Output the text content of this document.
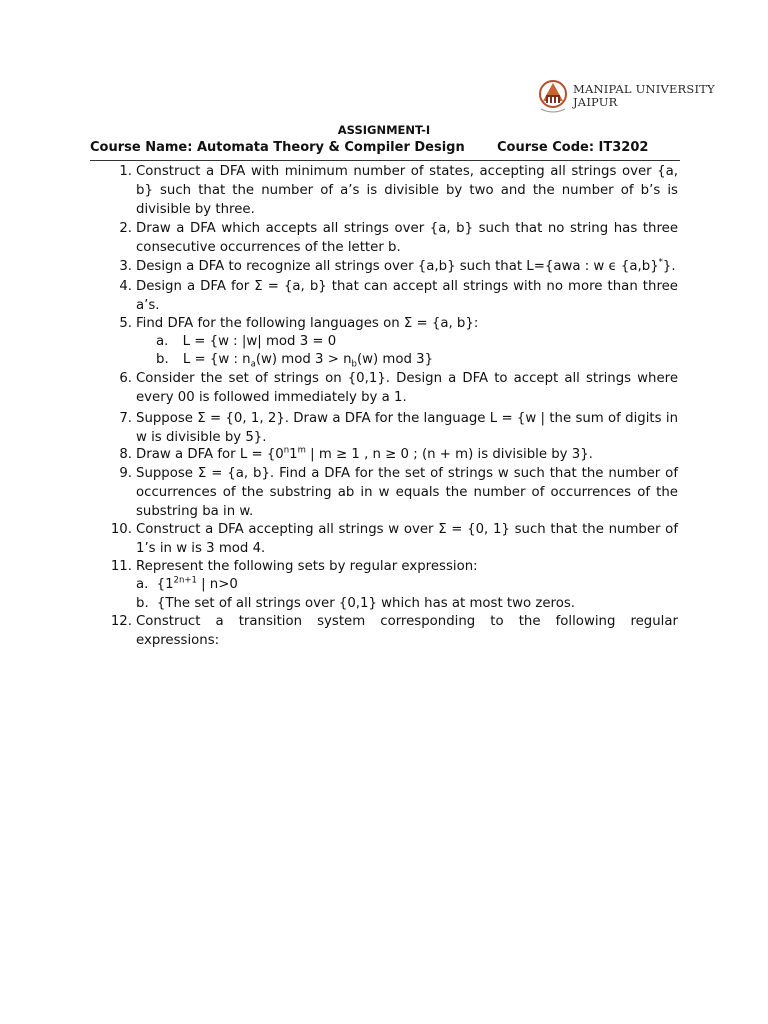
MANIPAL UNIVERSITY
JAIPUR
ASSIGNMENT-I
Course Name: Automata Theory & Compiler Design Course Code: IT3202
1. Construct a DFA with minimum number of states, accepting all strings over {a, b} such that the number of a’s is divisible by two and the number of b’s is divisible by three.
2. Draw a DFA which accepts all strings over {a, b} such that no string has three consecutive occurrences of the letter b.
3. Design a DFA to recognize all strings over {a,b} such that L={awa : w ϵ {a,b}*}.
4. Design a DFA for Σ = {a, b} that can accept all strings with no more than three a’s.
5. Find DFA for the following languages on Σ = {a, b}:
a. L = {w : |w| mod 3 = 0
b. L = {w : $n_a(w)$ mod $3 > n_b(w)$ mod 3}
6. Consider the set of strings on {0,1}. Design a DFA to accept all strings where every 00 is followed immediately by a 1.
7. Suppose Σ = {0, 1, 2}. Draw a DFA for the language L = {w | the sum of digits in w is divisible by 5}.
8. Draw a DFA for $L = \{0^n1^m$ | m ≥ 1 , n ≥ 0 ; (n + m) is divisible by 3}.
9. Suppose Σ = {a, b}. Find a DFA for the set of strings w such that the number of occurrences of the substring ab in w equals the number of occurrences of the substring ba in w.
10. Construct a DFA accepting all strings w over Σ = {0, 1} such that the number of 1’s in w is 3 mod 4.
11. Represent the following sets by regular expression:
a. {$1^{2n+1}$ | n>0
b. {The set of all strings over {0,1} which has at most two zeros.
12. Construct a transition system corresponding to the following regular expressions:
